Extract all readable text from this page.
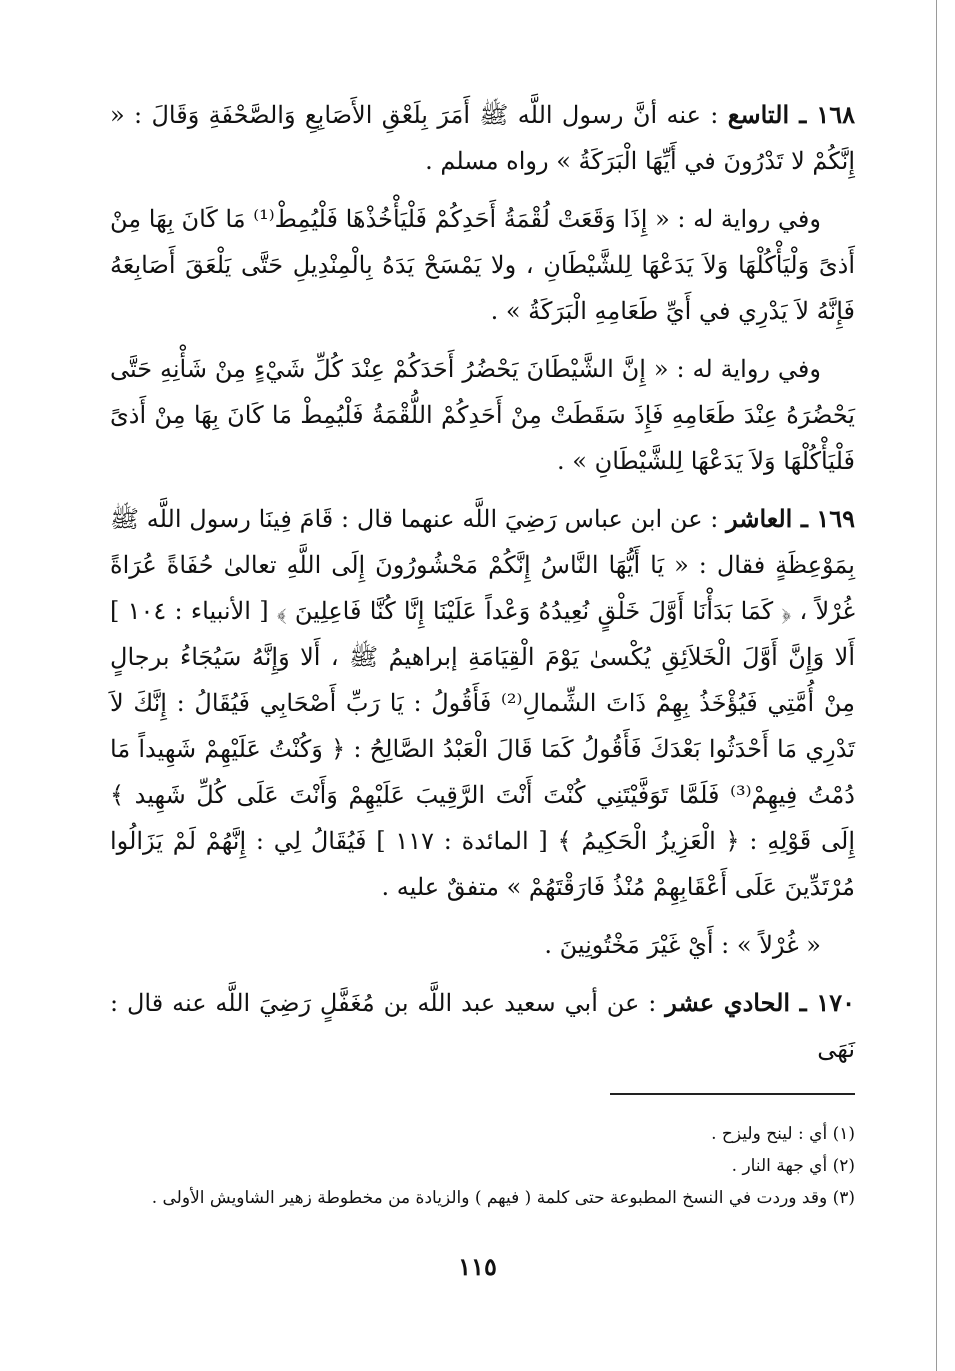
١٦٨ ـ التاسع : عنه أنَّ رسول اللَّه ﷺ أَمَرَ بِلَعْقِ الأَصَابِعِ وَالصَّحْفَةِ وَقَالَ : « إِنَّكُمْ لا تَدْرُونَ في أَيِّهَا الْبَرَكَةُ » رواه مسلم .

وفي رواية له : « إِذَا وَقَعَتْ لُقْمَةُ أَحَدِكُمْ فَلْيَأْخُذْهَا فَلْيُمِطْ⁽¹⁾ مَا كَانَ بِهَا مِنْ أَذىً وَلْيَأْكُلْهَا وَلاَ يَدَعْهَا لِلشَّيْطَانِ ، ولا يَمْسَحْ يَدَهُ بِالْمِنْدِيلِ حَتَّى يَلْعَقَ أَصَابِعَهُ فَإِنَّهُ لاَ يَدْرِي في أَيِّ طَعَامِهِ الْبَرَكَةُ » .

وفي رواية له : « إِنَّ الشَّيْطَانَ يَحْضُرُ أَحَدَكُمْ عِنْدَ كُلِّ شَيْءٍ مِنْ شَأْنِهِ حَتَّى يَحْضُرَهُ عِنْدَ طَعَامِهِ فَإِذَ سَقَطَتْ مِنْ أَحَدِكُمْ اللُّقْمَةُ فَلْيُمِطْ مَا كَانَ بِهَا مِنْ أَذىً فَلْيَأْكُلْهَا وَلاَ يَدَعْهَا لِلشَّيْطَانِ » .

١٦٩ ـ العاشر : عن ابن عباس رَضِيَ اللَّه عنهما قال : قَامَ فِينَا رسول اللَّه ﷺ بِمَوْعِظَةٍ فقال : « يَا أَيُّهَا النَّاسُ إِنَّكُمْ مَحْشُورُونَ إِلَى اللَّهِ تعالىٰ حُفَاةً عُرَاةً غُرْلاً ، ﴿ كَمَا بَدَأْنَا أَوَّلَ خَلْقٍ نُعِيدُهُ وَعْداً عَلَيْنَا إِنَّا كُنَّا فَاعِلِينَ ﴾ [ الأنبياء : ١٠٤ ] أَلا وَإِنَّ أَوَّلَ الْخَلاَئِقِ يُكْسىٰ يَوْمَ الْقِيَامَةِ إبراهيمُ ﷺ ، أَلا وَإِنَّهُ سَيُجَاءُ برجالٍ مِنْ أُمَّتِي فَيُؤْخَذُ بِهِمْ ذَاتَ الشِّمالِ⁽²⁾ فَأَقُولُ : يَا رَبِّ أَصْحَابِي فَيُقَالُ : إِنَّكَ لاَ تَدْرِي مَا أَحْدَثُوا بَعْدَكَ فَأَقُولُ كَمَا قَالَ الْعَبْدُ الصَّالِحُ : ﴿ وَكُنْتُ عَلَيْهِمْ شَهِيداً مَا دُمْتُ فِيهِمْ⁽³⁾ فَلَمَّا تَوَفَّيْتَنِي كُنْتَ أَنْتَ الرَّقِيبَ عَلَيْهِمْ وَأَنْتَ عَلَى كُلِّ شَهِيد ﴾ إِلَى قَوْلِهِ : ﴿ الْعَزِيزُ الْحَكِيمُ ﴾ [ المائدة : ١١٧ ] فَيُقَالُ لِي : إِنَّهُمْ لَمْ يَزَالُوا مُرْتَدِّينَ عَلَى أَعْقَابِهِمْ مُنْذُ فَارَقْتَهُمْ » متفقٌ عليه .

« غُرْلاً » : أَيْ غَيْرَ مَخْتُونِينَ .

١٧٠ ـ الحادي عشر : عن أبي سعيد عبد اللَّه بن مُغَفَّلٍ رَضِيَ اللَّه عنه قال : نَهَى

(١) أي : لينح وليزح .

(٢) أي جهة النار .

(٣) وقد وردت في النسخ المطبوعة حتى كلمة ( فيهم ) والزيادة من مخطوطة زهير الشاويش الأولى .

١١٥
